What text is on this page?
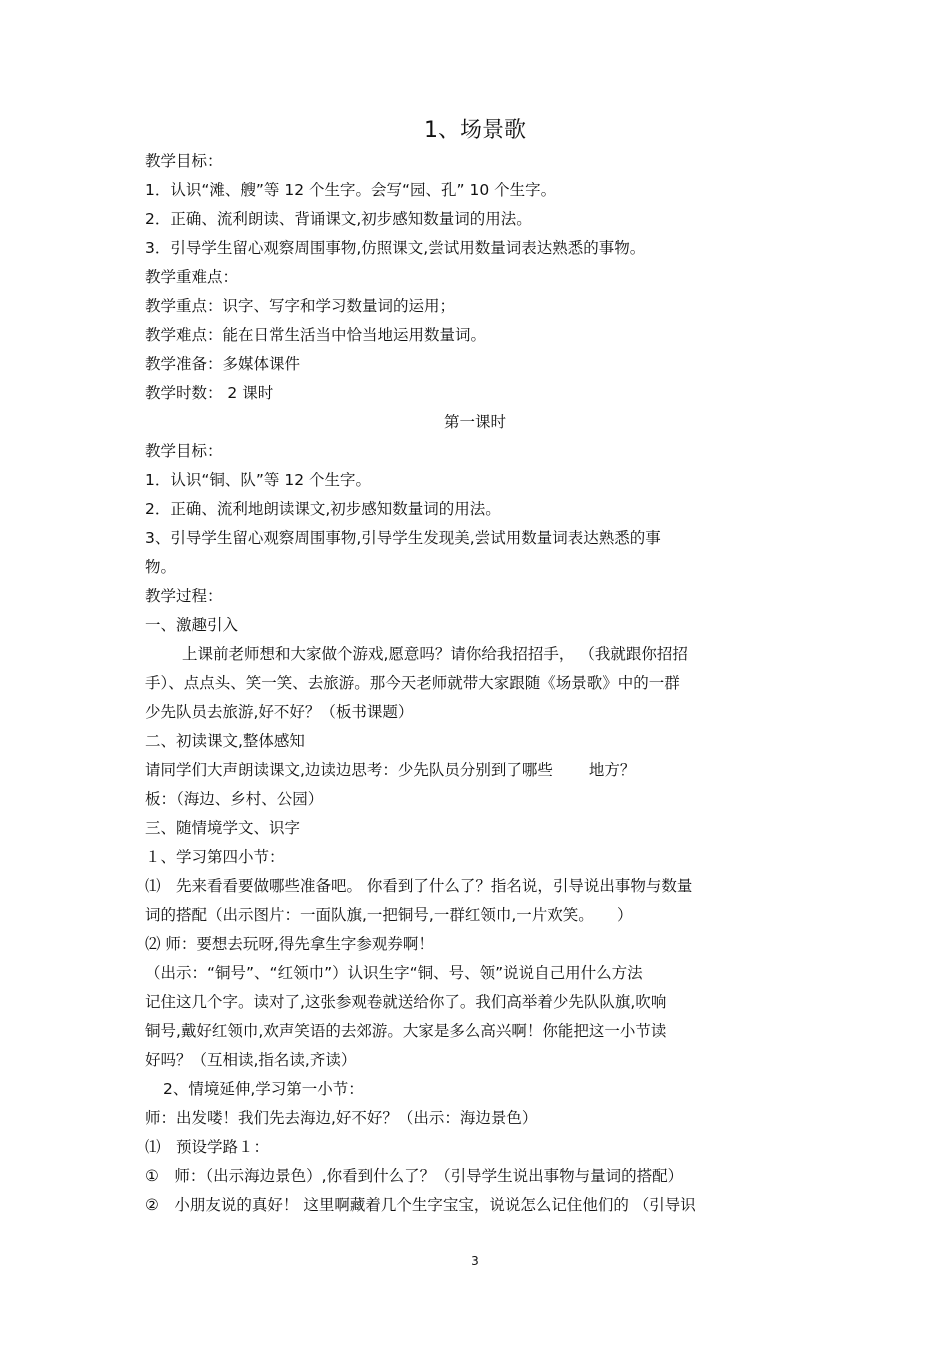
1、场景歌

教学目标：

1．认识“滩、艘”等 12 个生字。会写“园、孔” 10 个生字。

2．正确、流利朗读、背诵课文,初步感知数量词的用法。

3．引导学生留心观察周围事物,仿照课文,尝试用数量词表达熟悉的事物。

教学重难点：

教学重点：识字、写字和学习数量词的运用；

教学难点：能在日常生活当中恰当地运用数量词。

教学准备：多媒体课件

教学时数： 2 课时

第一课时

教学目标：

1．认识“铜、队”等 12 个生字。

2．正确、流利地朗读课文,初步感知数量词的用法。

3、引导学生留心观察周围事物,引导学生发现美,尝试用数量词表达熟悉的事

物。

教学过程：

一、激趣引入

上课前老师想和大家做个游戏,愿意吗？请你给我招招手， （我就跟你招招

手）、点点头、笑一笑、去旅游。那今天老师就带大家跟随《场景歌》中的一群

少先队员去旅游,好不好？（板书课题）

二、初读课文,整体感知

请同学们大声朗读课文,边读边思考：少先队员分别到了哪些　　 地方？

板：（海边、乡村、公园）

三、随情境学文、识字

１、学习第四小节：

⑴　先来看看要做哪些准备吧。 你看到了什么了？指名说，引导说出事物与数量

词的搭配（出示图片：一面队旗,一把铜号,一群红领巾,一片欢笑。　　）

⑵ 师：要想去玩呀,得先拿生字参观券啊！

（出示：“铜号”、“红领巾”）认识生字“铜、号、领”说说自己用什么方法

记住这几个字。读对了,这张参观卷就送给你了。我们高举着少先队队旗,吹响

铜号,戴好红领巾,欢声笑语的去郊游。大家是多么高兴啊！你能把这一小节读

好吗？（互相读,指名读,齐读）

2、情境延伸,学习第一小节：

师：出发喽！我们先去海边,好不好？（出示：海边景色）

⑴　预设学路１：

①　师：（出示海边景色）,你看到什么了？（引导学生说出事物与量词的搭配）

②　小朋友说的真好！ 这里啊藏着几个生字宝宝，说说怎么记住他们的 （引导识

3
